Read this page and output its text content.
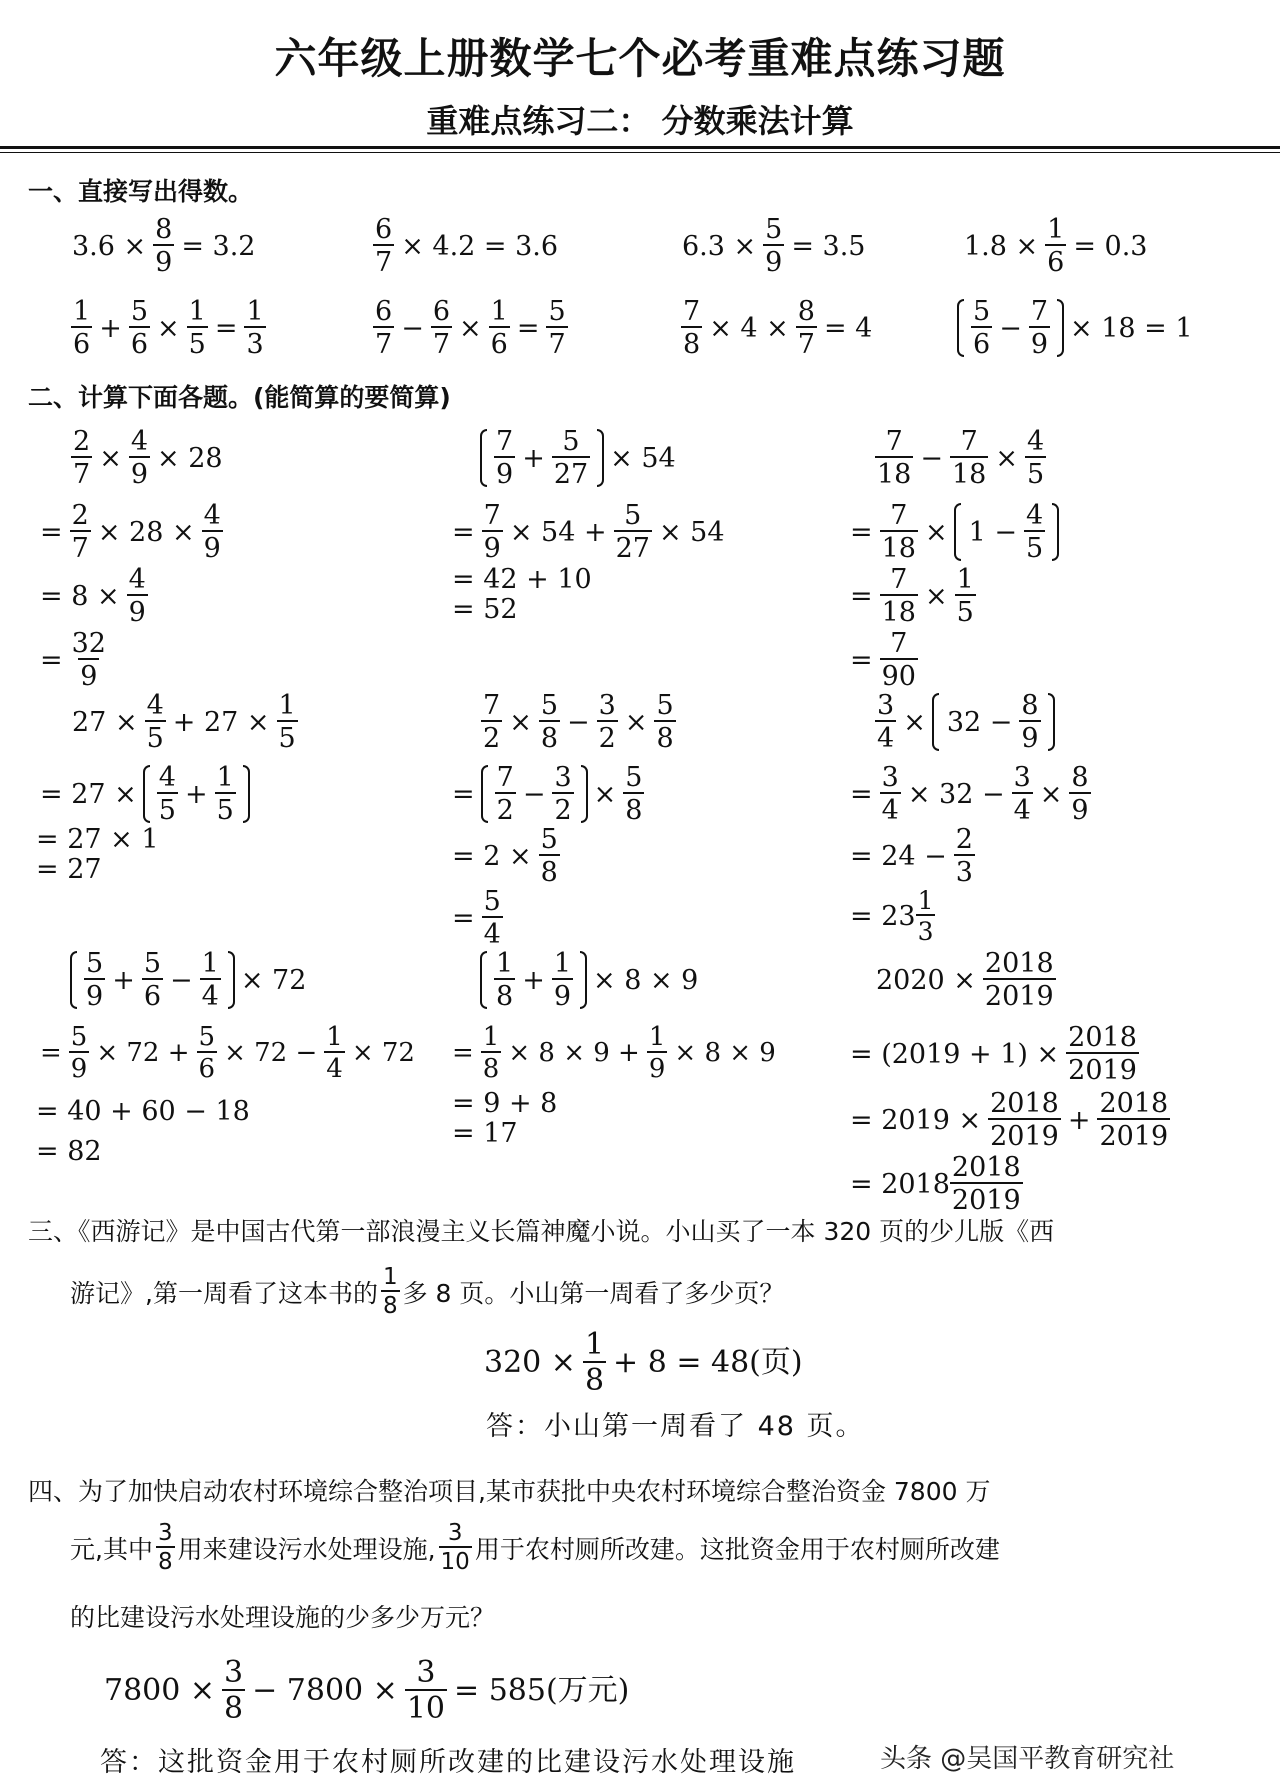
六年级上册数学七个必考重难点练习题
重难点练习二： 分数乘法计算
一、直接写出得数。
$3.6 \times \frac{8}{9} = 3.2$	$\frac{6}{7} \times 4.2 = 3.6$	$6.3 \times \frac{5}{9} = 3.5$	$1.8 \times \frac{1}{6} = 0.3$
$\frac{1}{6} + \frac{5}{6} \times \frac{1}{5} = \frac{1}{3}$	$\frac{6}{7} - \frac{6}{7} \times \frac{1}{6} = \frac{5}{7}$	$\frac{7}{8} \times 4 \times \frac{8}{7} = 4$	$\frac{5}{6} - \frac{7}{9} \times 18 = 1$
二、计算下面各题。(能简算的要简算)
$\frac{2}{7} \times \frac{4}{9} \times 28$
= $\frac{2}{7} \times 28 \times \frac{4}{9}$
= $8 \times \frac{4}{9}$
= $\frac{32}{9}$
$\frac{7}{9} + \frac{5}{27} \times 54$
= $\frac{7}{9} \times 54 + \frac{5}{27} \times 54$
= 42 + 10
= 52
$\frac{7}{18} - \frac{7}{18} \times \frac{4}{5}$
= $\frac{7}{18} \times 1 - \frac{4}{5}$
= $\frac{7}{18} \times \frac{1}{5}$
= $\frac{7}{90}$
$27 \times \frac{4}{5} + 27 \times \frac{1}{5}$
= $27 \times \frac{4}{5} + \frac{1}{5}$
= 27 × 1
= 27
$\frac{7}{2} \times \frac{5}{8} - \frac{3}{2} \times \frac{5}{8}$
= $\frac{7}{2} - \frac{3}{2} \times \frac{5}{8}$
= $2 \times \frac{5}{8}$
= $\frac{5}{4}$
$\frac{3}{4} \times 32 - \frac{8}{9}$
= $\frac{3}{4} \times 32 - \frac{3}{4} \times \frac{8}{9}$
= $24 - \frac{2}{3}$
= $23 \frac{1}{3}$
$\frac{5}{9} + \frac{5}{6} - \frac{1}{4} \times 72$
= $\frac{5}{9} \times 72 + \frac{5}{6} \times 72 - \frac{1}{4} \times 72$
= 40 + 60 − 18
= 82
$\frac{1}{8} + \frac{1}{9} \times 8 \times 9$
= $\frac{1}{8} \times 8 \times 9 + \frac{1}{9} \times 8 \times 9$
= 9 + 8
= 17
$2020 \times \frac{2018}{2019}$
= $(2019 + 1) \times \frac{2018}{2019}$
= $2019 \times \frac{2018}{2019} + \frac{2018}{2019}$
= $2018 \frac{2018}{2019}$
三、《西游记》是中国古代第一部浪漫主义长篇神魔小说。小山买了一本 320 页的少儿版《西
游记》,第一周看了这本书的 $\frac{1}{8}$ 多 8 页。小山第一周看了多少页？
$320 \times \frac{1}{8} + 8 = 48$(页)
答：小山第一周看了 48 页。
四、为了加快启动农村环境综合整治项目,某市获批中央农村环境综合整治资金 7800 万
元,其中 $\frac{3}{8}$ 用来建设污水处理设施, $\frac{3}{10}$ 用于农村厕所改建。这批资金用于农村厕所改建
的比建设污水处理设施的少多少万元？
$7800 \times \frac{3}{8} - 7800 \times \frac{3}{10} = 585$(万元)
答：这批资金用于农村厕所改建的比建设污水处理设施	头条 @吴国平教育研究社
